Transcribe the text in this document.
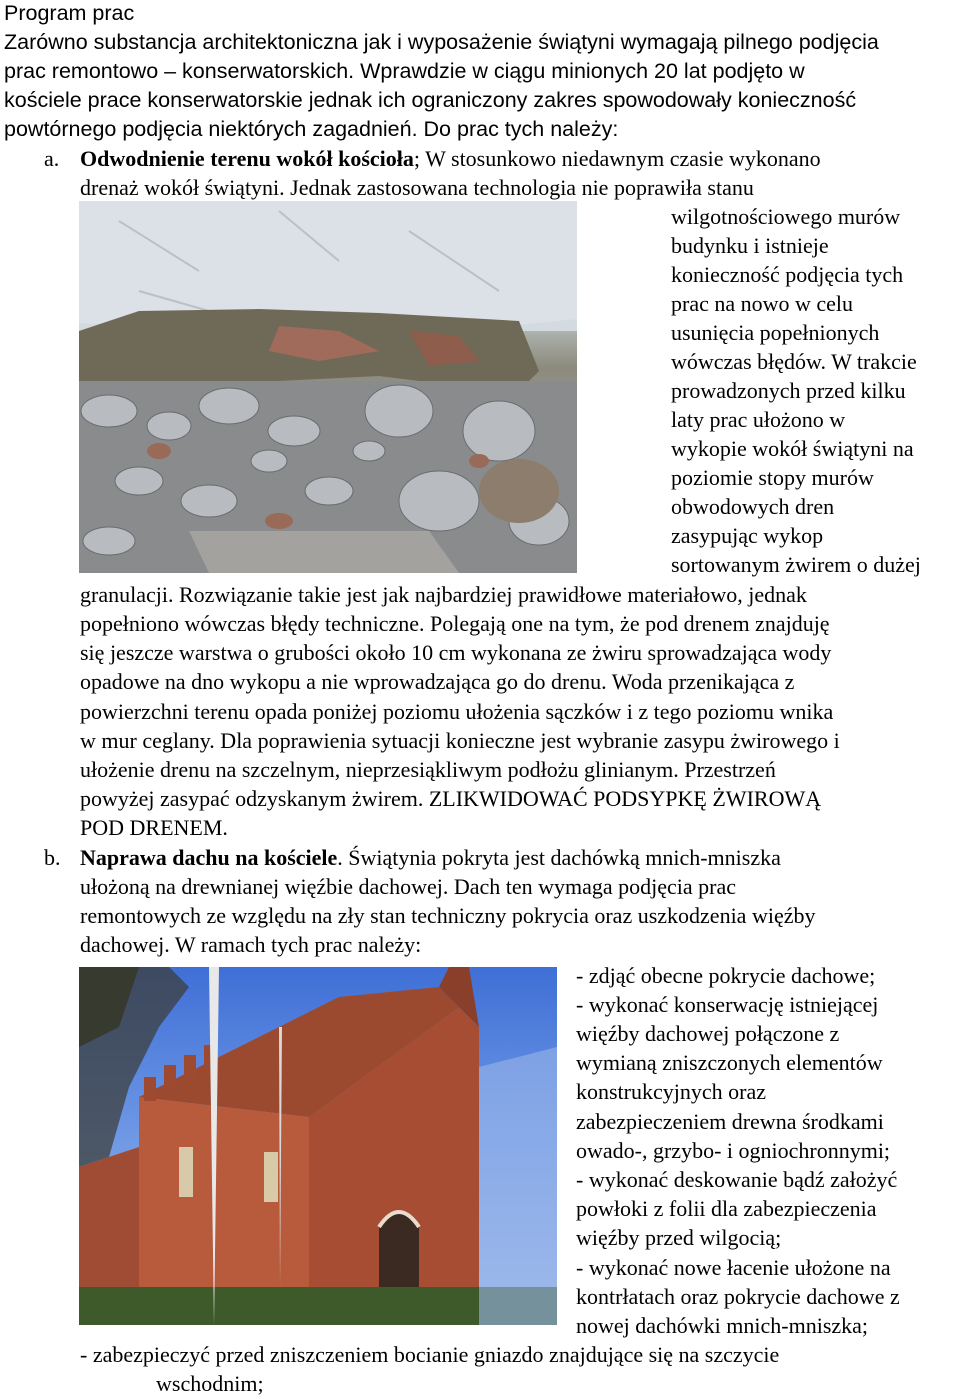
Program prac
Zarówno substancja architektoniczna jak i wyposażenie świątyni wymagają pilnego podjęcia
prac remontowo – konserwatorskich. Wprawdzie w ciągu minionych 20 lat podjęto w
kościele prace konserwatorskie jednak ich ograniczony zakres spowodowały konieczność
powtórnego podjęcia niektórych zagadnień. Do prac tych należy:
a. Odwodnienie terenu wokół kościoła; W stosunkowo niedawnym czasie wykonano
drenaż wokół świątyni. Jednak zastosowana technologia nie poprawiła stanu
wilgotnościowego murów
budynku i istnieje
konieczność podjęcia tych
prac na nowo w celu
usunięcia popełnionych
wówczas błędów. W trakcie
prowadzonych przed kilku
laty prac ułożono w
wykopie wokół świątyni na
poziomie stopy murów
obwodowych dren
zasypując wykop
sortowanym żwirem o dużej
granulacji. Rozwiązanie takie jest jak najbardziej prawidłowe materiałowo, jednak
popełniono wówczas błędy techniczne. Polegają one na tym, że pod drenem znajduję
się jeszcze warstwa o grubości około 10 cm wykonana ze żwiru sprowadzająca wody
opadowe na dno wykopu a nie wprowadzająca go do drenu. Woda przenikająca z
powierzchni terenu opada poniżej poziomu ułożenia sączków i z tego poziomu wnika
w mur ceglany. Dla poprawienia sytuacji konieczne jest wybranie zasypu żwirowego i
ułożenie drenu na szczelnym, nieprzesiąkliwym podłożu glinianym. Przestrzeń
powyżej zasypać odzyskanym żwirem. ZLIKWIDOWAĆ PODSYPKĘ ŻWIROWĄ
POD DRENEM.
b. Naprawa dachu na kościele. Świątynia pokryta jest dachówką mnich-mniszka
ułożoną na drewnianej więźbie dachowej. Dach ten wymaga podjęcia prac
remontowych ze względu na zły stan techniczny pokrycia oraz uszkodzenia więźby
dachowej. W ramach tych prac należy:
- zdjąć obecne pokrycie dachowe;
- wykonać konserwację istniejącej
więźby dachowej połączone z
wymianą zniszczonych elementów
konstrukcyjnych oraz
zabezpieczeniem drewna środkami
owado-, grzybo- i ogniochronnymi;
- wykonać deskowanie bądź założyć
powłoki z folii dla zabezpieczenia
więźby przed wilgocią;
- wykonać nowe łacenie ułożone na
kontrłatach oraz pokrycie dachowe z
nowej dachówki mnich-mniszka;
- zabezpieczyć przed zniszczeniem bocianie gniazdo znajdujące się na szczycie
wschodnim;
